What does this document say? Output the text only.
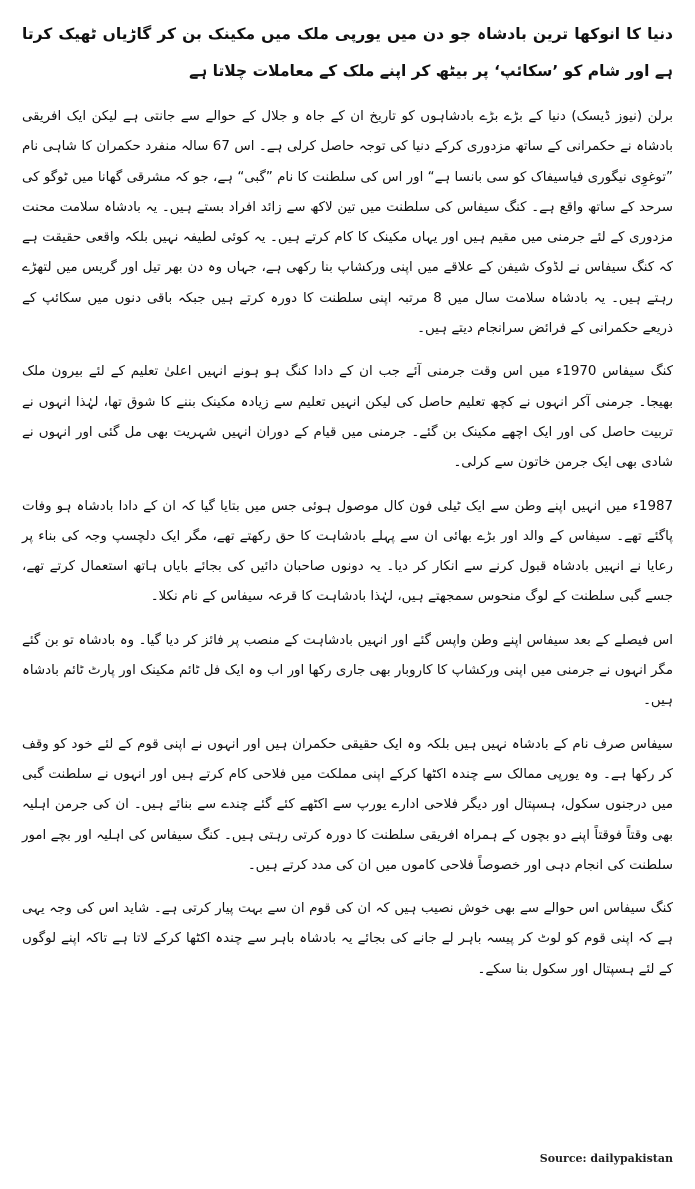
دنیا کا انوکھا ترین بادشاہ جو دن میں یورپی ملک میں مکینک بن کر گاڑیاں ٹھیک کرتا ہے اور شام کو ’سکائپ‘ پر بیٹھ کر اپنے ملک کے معاملات چلاتا ہے

برلن (نیوز ڈیسک) دنیا کے بڑے بڑے بادشاہوں کو تاریخ ان کے جاہ و جلال کے حوالے سے جانتی ہے لیکن ایک افریقی بادشاہ نے حکمرانی کے ساتھ مزدوری کرکے دنیا کی توجہ حاصل کرلی ہے۔ اس 67 سالہ منفرد حکمران کا شاہی نام ”توغوِی نیگوری فیاسیفاک کو سی بانسا ہے“ اور اس کی سلطنت کا نام ”گبی“ ہے، جو کہ مشرقی گھانا میں ٹوگو کی سرحد کے ساتھ واقع ہے۔ کنگ سیفاس کی سلطنت میں تین لاکھ سے زائد افراد بستے ہیں۔ یہ بادشاہ سلامت محنت مزدوری کے لئے جرمنی میں مقیم ہیں اور یہاں مکینک کا کام کرتے ہیں۔ یہ کوئی لطیفہ نہیں بلکہ واقعی حقیقت ہے کہ کنگ سیفاس نے لڈوک شیفن کے علاقے میں اپنی ورکشاپ بنا رکھی ہے، جہاں وہ دن بھر تیل اور گریس میں لتھڑے رہتے ہیں۔ یہ بادشاہ سلامت سال میں 8 مرتبہ اپنی سلطنت کا دورہ کرتے ہیں جبکہ باقی دنوں میں سکائپ کے ذریعے حکمرانی کے فرائض سرانجام دیتے ہیں۔

کنگ سیفاس 1970ء میں اس وقت جرمنی آئے جب ان کے دادا کنگ ہو ہونے انہیں اعلیٰ تعلیم کے لئے بیرون ملک بھیجا۔ جرمنی آکر انہوں نے کچھ تعلیم حاصل کی لیکن انہیں تعلیم سے زیادہ مکینک بننے کا شوق تھا، لہٰذا انہوں نے تربیت حاصل کی اور ایک اچھے مکینک بن گئے۔ جرمنی میں قیام کے دوران انہیں شہریت بھی مل گئی اور انہوں نے شادی بھی ایک جرمن خاتون سے کرلی۔

1987ء میں انہیں اپنے وطن سے ایک ٹیلی فون کال موصول ہوئی جس میں بتایا گیا کہ ان کے دادا بادشاہ ہو وفات پاگئے تھے۔ سیفاس کے والد اور بڑے بھائی ان سے پہلے بادشاہت کا حق رکھتے تھے، مگر ایک دلچسپ وجہ کی بناء پر رعایا نے انہیں بادشاہ قبول کرنے سے انکار کر دیا۔ یہ دونوں صاحبان دائیں کی بجائے بایاں ہاتھ استعمال کرتے تھے، جسے گبی سلطنت کے لوگ منحوس سمجھتے ہیں، لہٰذا بادشاہت کا قرعہ سیفاس کے نام نکلا۔

اس فیصلے کے بعد سیفاس اپنے وطن واپس گئے اور انہیں بادشاہت کے منصب پر فائز کر دیا گیا۔ وہ بادشاہ تو بن گئے مگر انہوں نے جرمنی میں اپنی ورکشاپ کا کاروبار بھی جاری رکھا اور اب وہ ایک فل ٹائم مکینک اور پارٹ ٹائم بادشاہ ہیں۔

سیفاس صرف نام کے بادشاہ نہیں ہیں بلکہ وہ ایک حقیقی حکمران ہیں اور انہوں نے اپنی قوم کے لئے خود کو وقف کر رکھا ہے۔ وہ یورپی ممالک سے چندہ اکٹھا کرکے اپنی مملکت میں فلاحی کام کرتے ہیں اور انہوں نے سلطنت گبی میں درجنوں سکول، ہسپتال اور دیگر فلاحی ادارے یورپ سے اکٹھے کئے گئے چندے سے بنائے ہیں۔ ان کی جرمن اہلیہ بھی وقتاً فوقتاً اپنے دو بچوں کے ہمراہ افریقی سلطنت کا دورہ کرتی رہتی ہیں۔ کنگ سیفاس کی اہلیہ اور بچے امور سلطنت کی انجام دہی اور خصوصاً فلاحی کاموں میں ان کی مدد کرتے ہیں۔

کنگ سیفاس اس حوالے سے بھی خوش نصیب ہیں کہ ان کی قوم ان سے بہت پیار کرتی ہے۔ شاید اس کی وجہ یہی ہے کہ اپنی قوم کو لوٹ کر پیسہ باہر لے جانے کی بجائے یہ بادشاہ باہر سے چندہ اکٹھا کرکے لاتا ہے تاکہ اپنے لوگوں کے لئے ہسپتال اور سکول بنا سکے۔

Source: dailypakistan
